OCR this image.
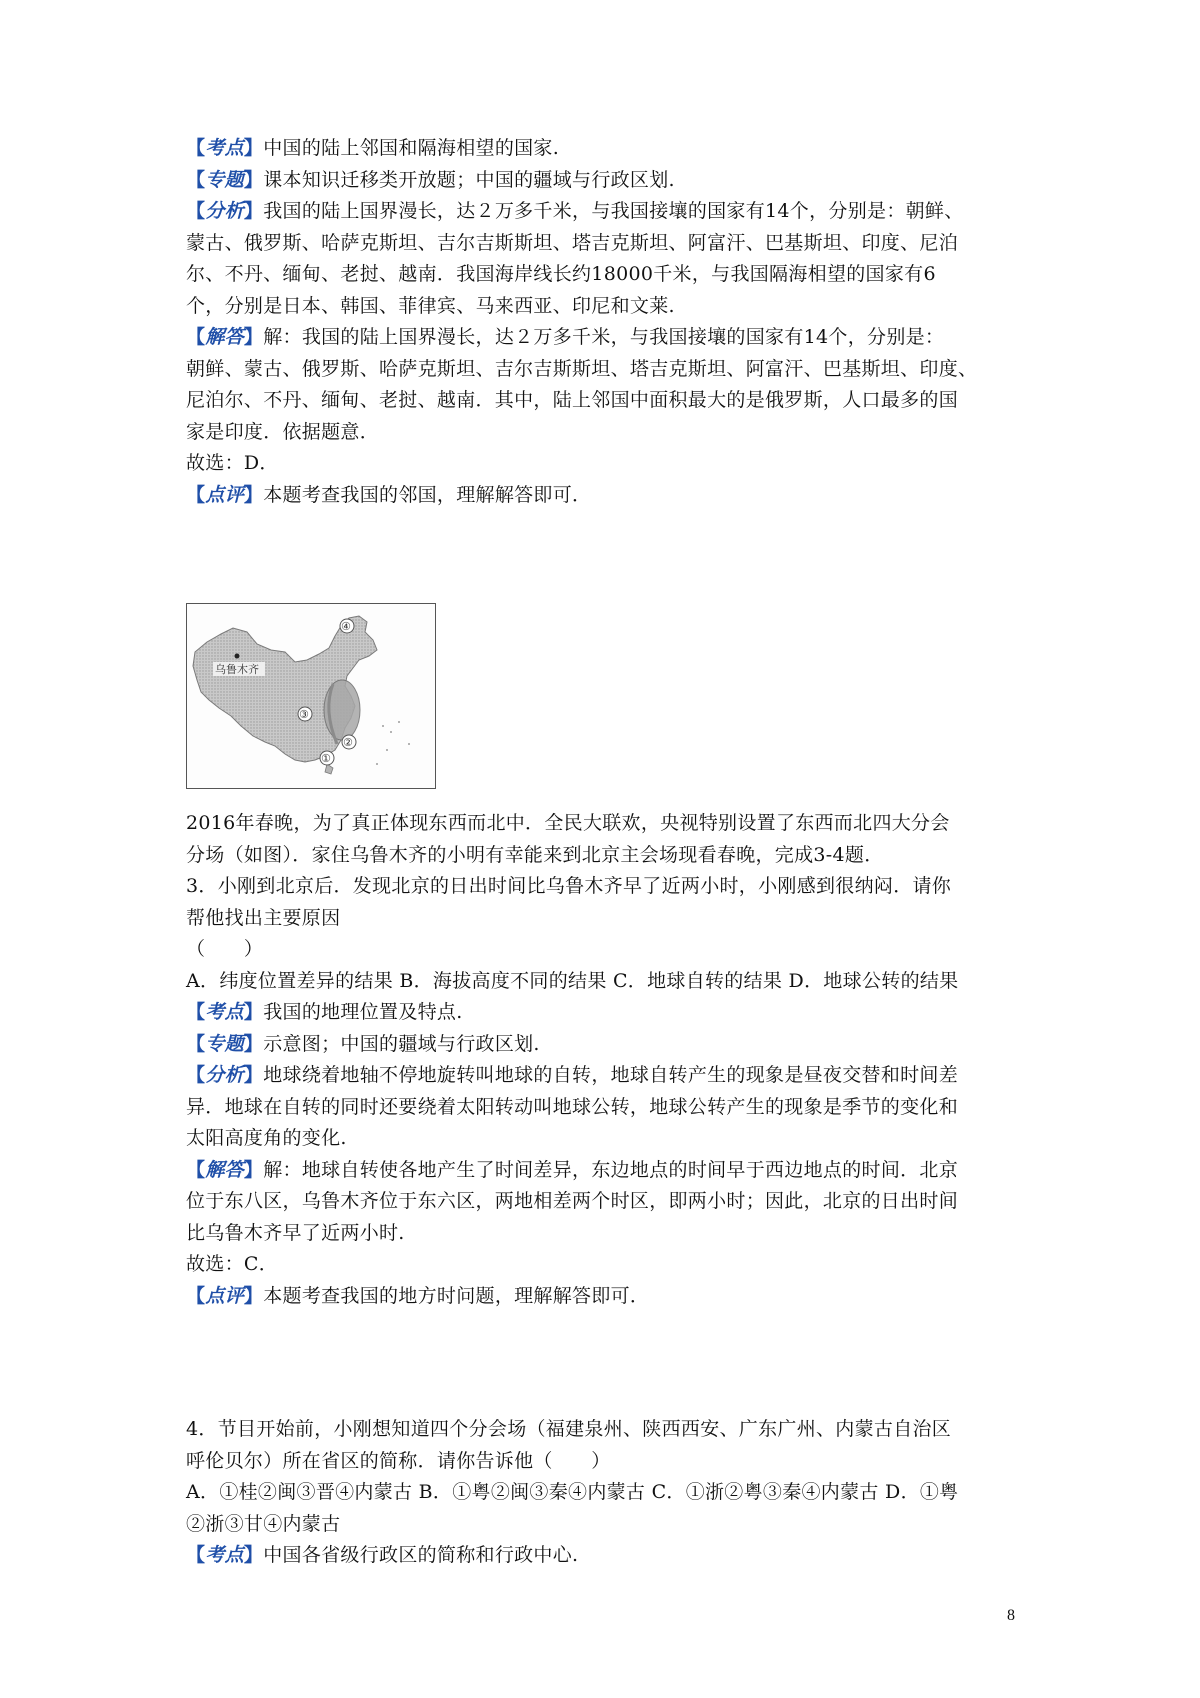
【考点】中国的陆上邻国和隔海相望的国家.
【专题】课本知识迁移类开放题；中国的疆域与行政区划.
【分析】我国的陆上国界漫长，达２万多千米，与我国接壤的国家有14个，分别是：朝鲜、
蒙古、俄罗斯、哈萨克斯坦、吉尔吉斯斯坦、塔吉克斯坦、阿富汗、巴基斯坦、印度、尼泊
尔、不丹、缅甸、老挝、越南．我国海岸线长约18000千米，与我国隔海相望的国家有6
个，分别是日本、韩国、菲律宾、马来西亚、印尼和文莱.
【解答】解：我国的陆上国界漫长，达２万多千米，与我国接壤的国家有14个，分别是：
朝鲜、蒙古、俄罗斯、哈萨克斯坦、吉尔吉斯斯坦、塔吉克斯坦、阿富汗、巴基斯坦、印度、
尼泊尔、不丹、缅甸、老挝、越南．其中，陆上邻国中面积最大的是俄罗斯，人口最多的国
家是印度．依据题意．
故选：D．
【点评】本题考查我国的邻国，理解解答即可．
乌鲁木齐
①
②
③
④
2016年春晚，为了真正体现东西而北中．全民大联欢，央视特别设置了东西而北四大分会
分场（如图）．家住乌鲁木齐的小明有幸能来到北京主会场现看春晚，完成3-4题．
3．小刚到北京后．发现北京的日出时间比乌鲁木齐早了近两小时，小刚感到很纳闷．请你
帮他找出主要原因
（　　）
A．纬度位置差异的结果 B．海拔高度不同的结果 C．地球自转的结果 D．地球公转的结果
【考点】我国的地理位置及特点.
【专题】示意图；中国的疆域与行政区划.
【分析】地球绕着地轴不停地旋转叫地球的自转，地球自转产生的现象是昼夜交替和时间差
异．地球在自转的同时还要绕着太阳转动叫地球公转，地球公转产生的现象是季节的变化和
太阳高度角的变化.
【解答】解：地球自转使各地产生了时间差异，东边地点的时间早于西边地点的时间．北京
位于东八区，乌鲁木齐位于东六区，两地相差两个时区，即两小时；因此，北京的日出时间
比乌鲁木齐早了近两小时.
故选：C．
【点评】本题考查我国的地方时问题，理解解答即可．
4．节目开始前，小刚想知道四个分会场（福建泉州、陕西西安、广东广州、内蒙古自治区
呼伦贝尔）所在省区的简称．请你告诉他（　　）
A．①桂②闽③晋④内蒙古 B．①粤②闽③秦④内蒙古 C．①浙②粤③秦④内蒙古 D．①粤
②浙③甘④内蒙古
【考点】中国各省级行政区的简称和行政中心.
8
